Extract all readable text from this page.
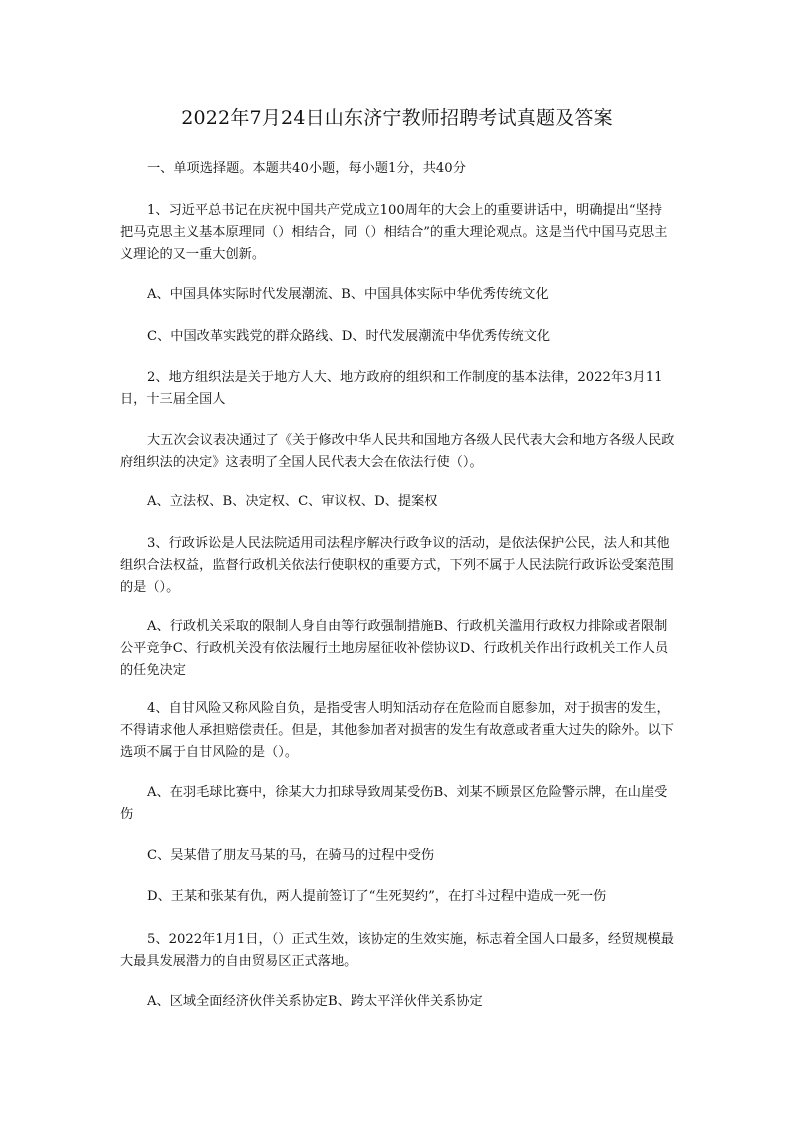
2022年7月24日山东济宁教师招聘考试真题及答案

一、单项选择题。本题共40小题，每小题1分，共40分

1、习近平总书记在庆祝中国共产党成立100周年的大会上的重要讲话中，明确提出“坚持把马克思主义基本原理同（）相结合，同（）相结合”的重大理论观点。这是当代中国马克思主义理论的又一重大创新。

A、中国具体实际时代发展潮流、B、中国具体实际中华优秀传统文化

C、中国改革实践党的群众路线、D、时代发展潮流中华优秀传统文化

2、地方组织法是关于地方人大、地方政府的组织和工作制度的基本法律，2022年3月11日，十三届全国人

大五次会议表决通过了《关于修改中华人民共和国地方各级人民代表大会和地方各级人民政府组织法的决定》这表明了全国人民代表大会在依法行使（）。

A、立法权、B、决定权、C、审议权、D、提案权

3、行政诉讼是人民法院适用司法程序解决行政争议的活动，是依法保护公民，法人和其他组织合法权益，监督行政机关依法行使职权的重要方式，下列不属于人民法院行政诉讼受案范围的是（）。

A、行政机关采取的限制人身自由等行政强制措施B、行政机关滥用行政权力排除或者限制公平竞争C、行政机关没有依法履行土地房屋征收补偿协议D、行政机关作出行政机关工作人员的任免决定

4、自甘风险又称风险自负，是指受害人明知活动存在危险而自愿参加，对于损害的发生，不得请求他人承担赔偿责任。但是，其他参加者对损害的发生有故意或者重大过失的除外。以下选项不属于自甘风险的是（）。

A、在羽毛球比赛中，徐某大力扣球导致周某受伤B、刘某不顾景区危险警示牌，在山崖受伤

C、吴某借了朋友马某的马，在骑马的过程中受伤

D、王某和张某有仇，两人提前签订了“生死契约”，在打斗过程中造成一死一伤

5、2022年1月1日，（）正式生效，该协定的生效实施，标志着全国人口最多，经贸规模最大最具发展潜力的自由贸易区正式落地。

A、区域全面经济伙伴关系协定B、跨太平洋伙伴关系协定
